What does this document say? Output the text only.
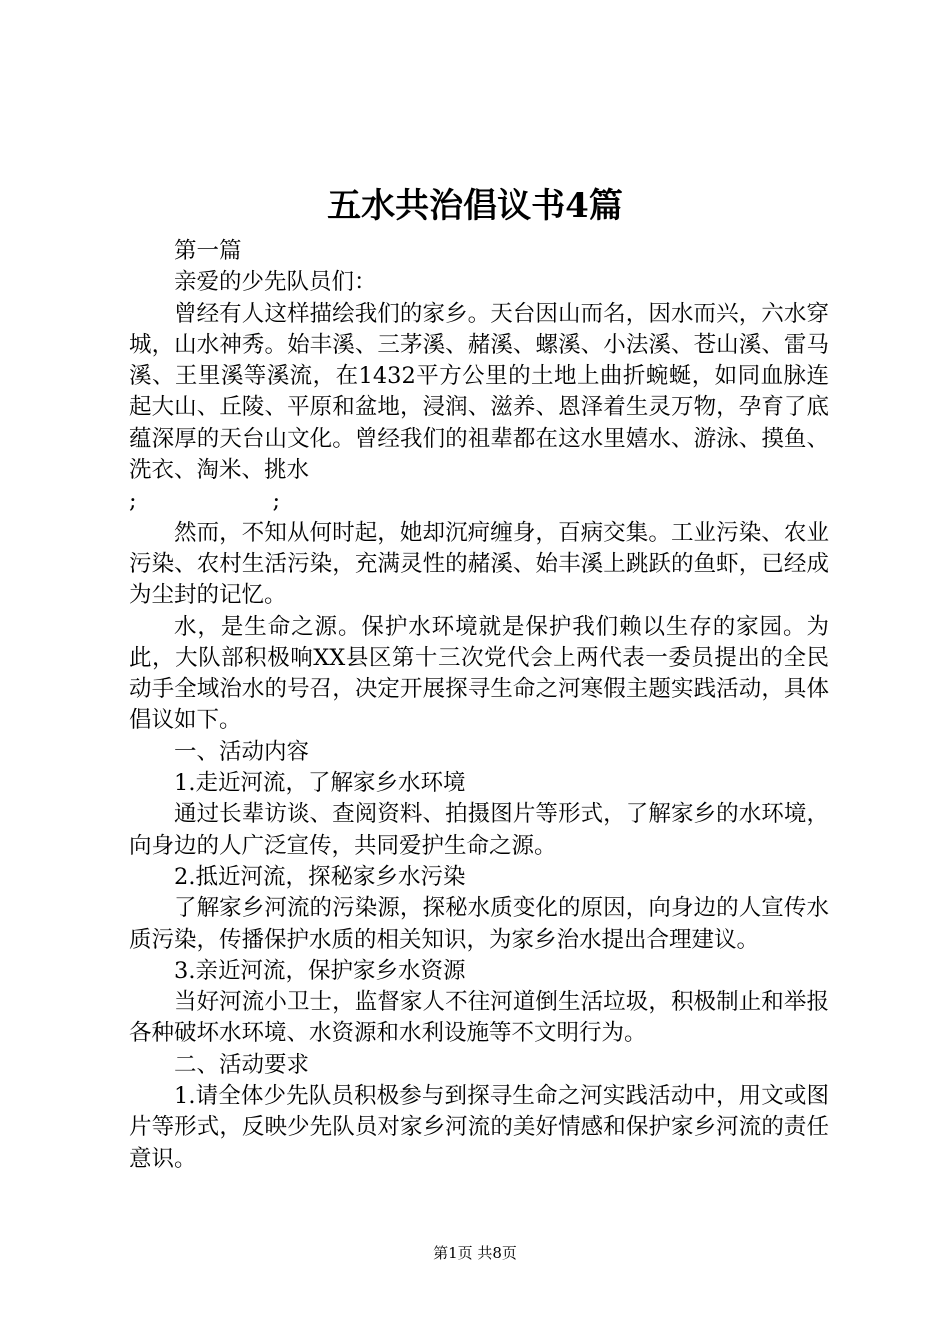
五水共治倡议书4篇

第一篇

亲爱的少先队员们：

曾经有人这样描绘我们的家乡。天台因山而名，因水而兴，六水穿城，山水神秀。始丰溪、三茅溪、赭溪、螺溪、小法溪、苍山溪、雷马溪、王里溪等溪流，在1432平方公里的土地上曲折蜿蜒，如同血脉连起大山、丘陵、平原和盆地，浸润、滋养、恩泽着生灵万物，孕育了底蕴深厚的天台山文化。曾经我们的祖辈都在这水里嬉水、游泳、摸鱼、洗衣、淘米、挑水

;                   ;

然而，不知从何时起，她却沉疴缠身，百病交集。工业污染、农业污染、农村生活污染，充满灵性的赭溪、始丰溪上跳跃的鱼虾，已经成为尘封的记忆。

水，是生命之源。保护水环境就是保护我们赖以生存的家园。为此，大队部积极响XX县区第十三次党代会上两代表一委员提出的全民动手全域治水的号召，决定开展探寻生命之河寒假主题实践活动，具体倡议如下。

一、活动内容

1.走近河流，了解家乡水环境

通过长辈访谈、查阅资料、拍摄图片等形式，了解家乡的水环境，向身边的人广泛宣传，共同爱护生命之源。

2.抵近河流，探秘家乡水污染

了解家乡河流的污染源，探秘水质变化的原因，向身边的人宣传水质污染，传播保护水质的相关知识，为家乡治水提出合理建议。

3.亲近河流，保护家乡水资源

当好河流小卫士，监督家人不往河道倒生活垃圾，积极制止和举报各种破坏水环境、水资源和水利设施等不文明行为。

二、活动要求

1.请全体少先队员积极参与到探寻生命之河实践活动中，用文或图片等形式，反映少先队员对家乡河流的美好情感和保护家乡河流的责任意识。

第1页 共8页
